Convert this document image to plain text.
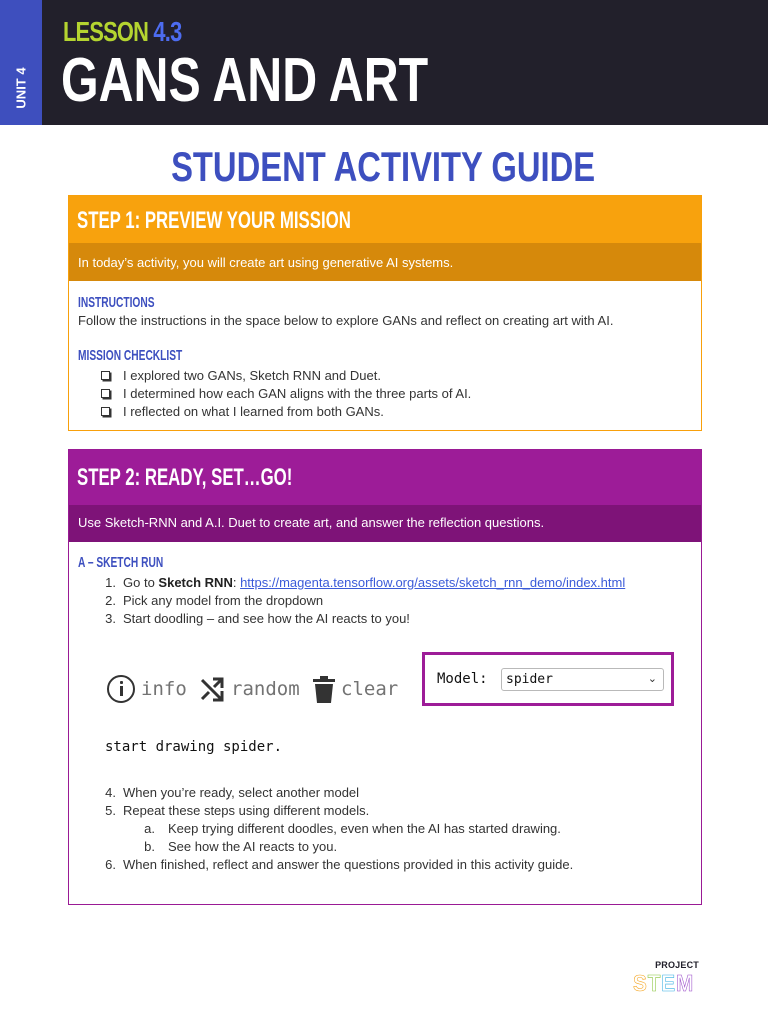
UNIT 4
LESSON 4.3
GANS AND ART
STUDENT ACTIVITY GUIDE
STEP 1: PREVIEW YOUR MISSION
In today’s activity, you will create art using generative AI systems.
INSTRUCTIONS
Follow the instructions in the space below to explore GANs and reflect on creating art with AI.
MISSION CHECKLIST
I explored two GANs, Sketch RNN and Duet.
I determined how each GAN aligns with the three parts of AI.
I reflected on what I learned from both GANs.
STEP 2: READY, SET…GO!
Use Sketch-RNN and A.I. Duet to create art, and answer the reflection questions.
A – SKETCH RUN
1. Go to Sketch RNN: https://magenta.tensorflow.org/assets/sketch_rnn_demo/index.html
2. Pick any model from the dropdown
3. Start doodling – and see how the AI reacts to you!
info random clear	Model: spider	⌄
start drawing spider.
4. When you’re ready, select another model
5. Repeat these steps using different models.
a. Keep trying different doodles, even when the AI has started drawing.
b. See how the AI reacts to you.
6. When finished, reflect and answer the questions provided in this activity guide.
PROJECT
STEM
